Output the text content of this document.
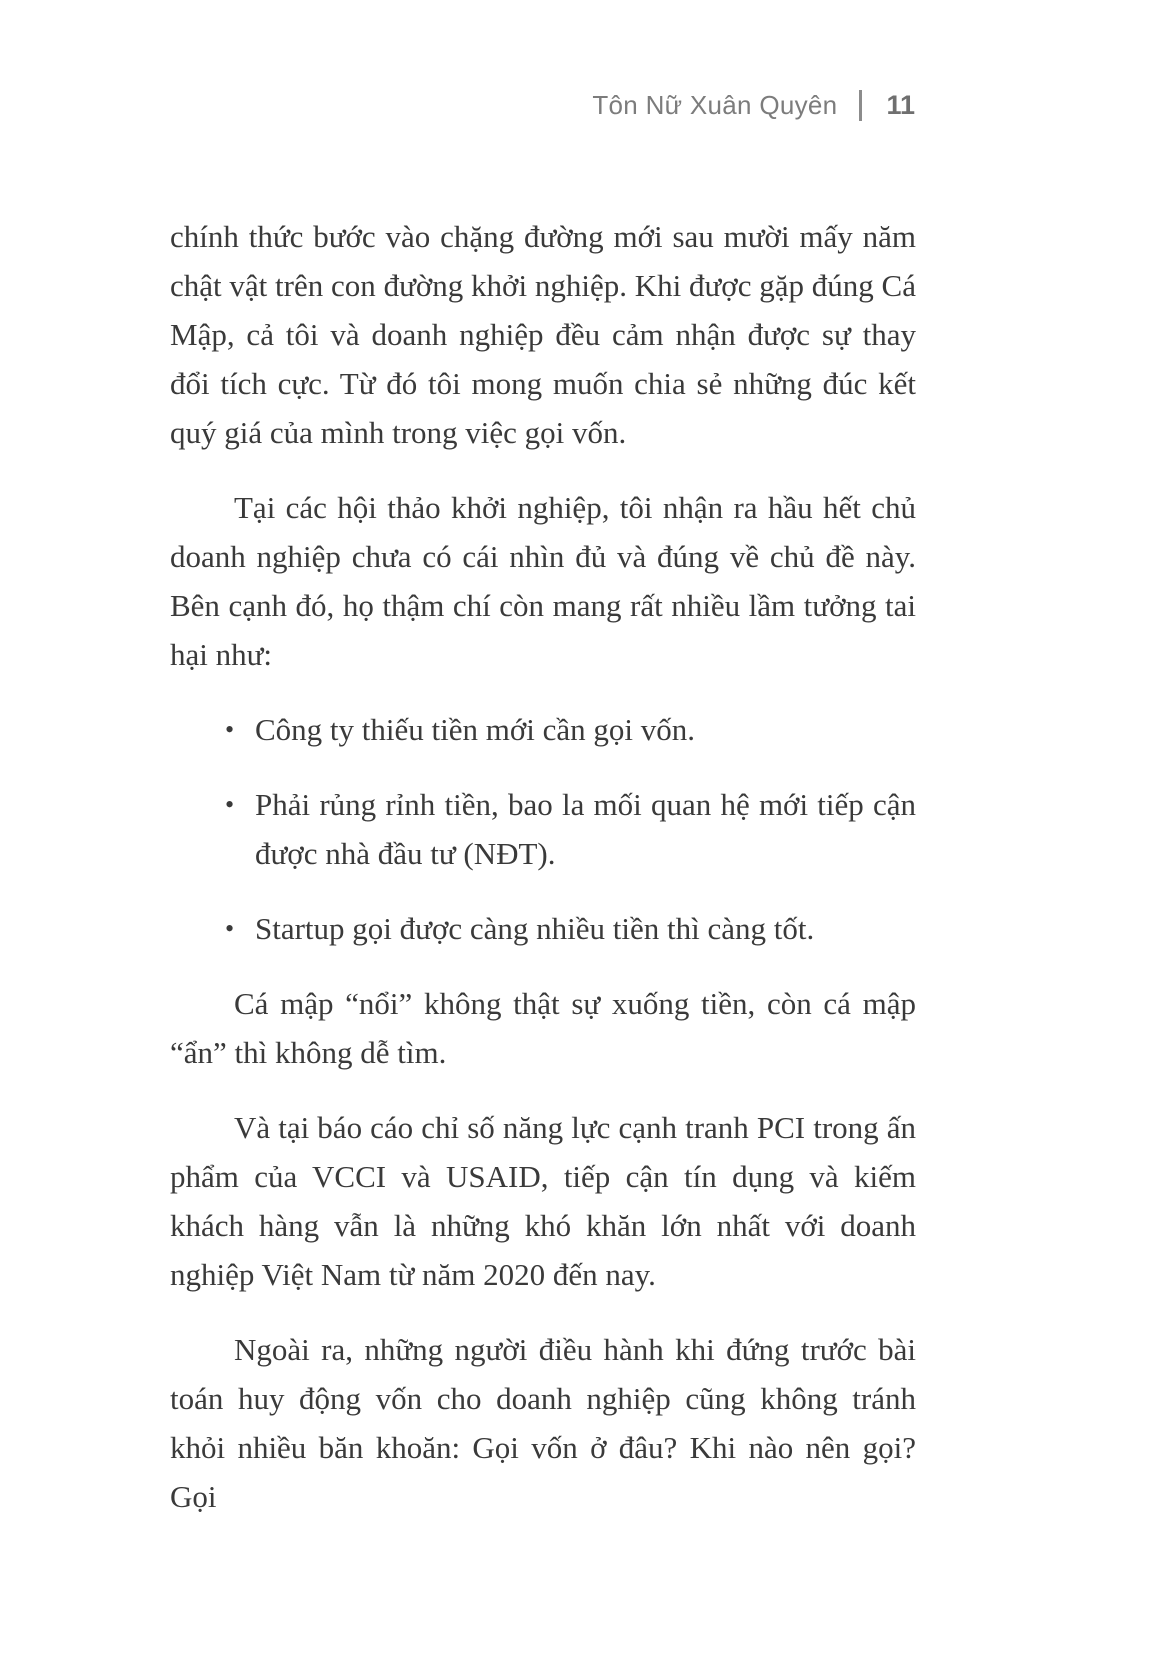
Tôn Nữ Xuân Quyên 11

chính thức bước vào chặng đường mới sau mười mấy năm chật vật trên con đường khởi nghiệp. Khi được gặp đúng Cá Mập, cả tôi và doanh nghiệp đều cảm nhận được sự thay đổi tích cực. Từ đó tôi mong muốn chia sẻ những đúc kết quý giá của mình trong việc gọi vốn.

Tại các hội thảo khởi nghiệp, tôi nhận ra hầu hết chủ doanh nghiệp chưa có cái nhìn đủ và đúng về chủ đề này. Bên cạnh đó, họ thậm chí còn mang rất nhiều lầm tưởng tai hại như:

• Công ty thiếu tiền mới cần gọi vốn.
• Phải rủng rỉnh tiền, bao la mối quan hệ mới tiếp cận được nhà đầu tư (NĐT).
• Startup gọi được càng nhiều tiền thì càng tốt.

Cá mập “nổi” không thật sự xuống tiền, còn cá mập “ẩn” thì không dễ tìm.

Và tại báo cáo chỉ số năng lực cạnh tranh PCI trong ấn phẩm của VCCI và USAID, tiếp cận tín dụng và kiếm khách hàng vẫn là những khó khăn lớn nhất với doanh nghiệp Việt Nam từ năm 2020 đến nay.

Ngoài ra, những người điều hành khi đứng trước bài toán huy động vốn cho doanh nghiệp cũng không tránh khỏi nhiều băn khoăn: Gọi vốn ở đâu? Khi nào nên gọi? Gọi
